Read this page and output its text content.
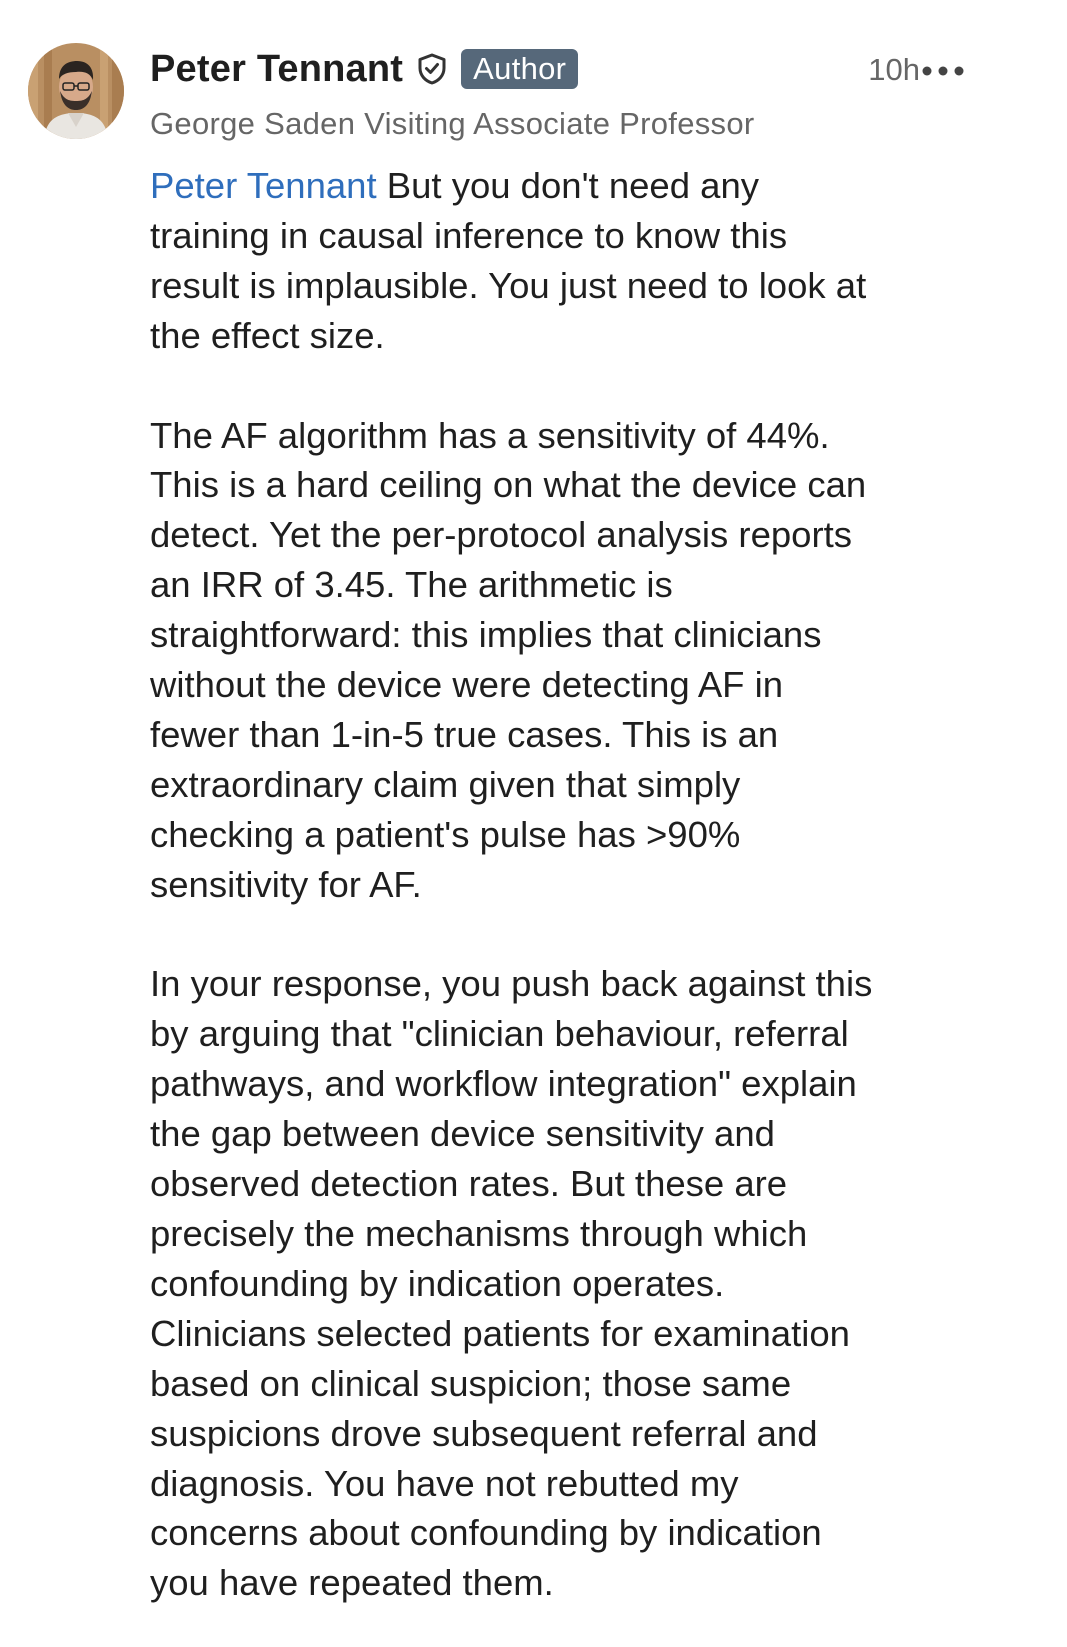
Peter Tennant	Author	10h
George Saden Visiting Associate Professor

Peter Tennant But you don't need any

training in causal inference to know this

result is implausible. You just need to look at

the effect size.

The AF algorithm has a sensitivity of 44%.

This is a hard ceiling on what the device can

detect. Yet the per-protocol analysis reports

an IRR of 3.45. The arithmetic is

straightforward: this implies that clinicians

without the device were detecting AF in

fewer than 1-in-5 true cases. This is an

extraordinary claim given that simply

checking a patient's pulse has >90%

sensitivity for AF.

In your response, you push back against this

by arguing that "clinician behaviour, referral

pathways, and workflow integration" explain

the gap between device sensitivity and

observed detection rates. But these are

precisely the mechanisms through which

confounding by indication operates.

Clinicians selected patients for examination

based on clinical suspicion; those same

suspicions drove subsequent referral and

diagnosis. You have not rebutted my

concerns about confounding by indication

you have repeated them.
